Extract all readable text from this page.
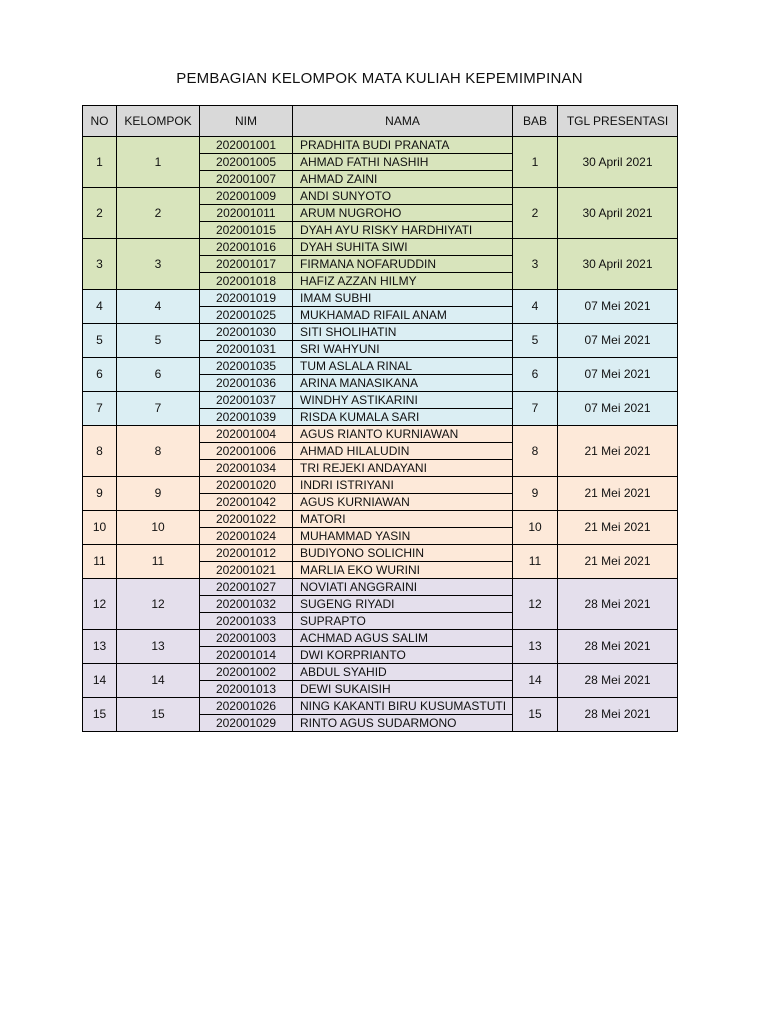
PEMBAGIAN KELOMPOK MATA KULIAH KEPEMIMPINAN
NO	KELOMPOK	NIM	NAMA	BAB	TGL PRESENTASI
1	1	202001001	PRADHITA BUDI PRANATA	1	30 April 2021
		202001005	AHMAD FATHI NASHIH		
		202001007	AHMAD ZAINI		
2	2	202001009	ANDI SUNYOTO	2	30 April 2021
		202001011	ARUM NUGROHO		
		202001015	DYAH AYU RISKY HARDHIYATI		
3	3	202001016	DYAH SUHITA SIWI	3	30 April 2021
		202001017	FIRMANA NOFARUDDIN		
		202001018	HAFIZ AZZAN HILMY		
4	4	202001019	IMAM SUBHI	4	07 Mei 2021
		202001025	MUKHAMAD RIFAIL ANAM		
5	5	202001030	SITI SHOLIHATIN	5	07 Mei 2021
		202001031	SRI WAHYUNI		
6	6	202001035	TUM ASLALA RINAL	6	07 Mei 2021
		202001036	ARINA MANASIKANA		
7	7	202001037	WINDHY ASTIKARINI	7	07 Mei 2021
		202001039	RISDA KUMALA SARI		
8	8	202001004	AGUS RIANTO KURNIAWAN	8	21 Mei 2021
		202001006	AHMAD HILALUDIN		
		202001034	TRI REJEKI ANDAYANI		
9	9	202001020	INDRI ISTRIYANI	9	21 Mei 2021
		202001042	AGUS KURNIAWAN		
10	10	202001022	MATORI	10	21 Mei 2021
		202001024	MUHAMMAD YASIN		
11	11	202001012	BUDIYONO SOLICHIN	11	21 Mei 2021
		202001021	MARLIA EKO WURINI		
12	12	202001027	NOVIATI ANGGRAINI	12	28 Mei 2021
		202001032	SUGENG RIYADI		
		202001033	SUPRAPTO		
13	13	202001003	ACHMAD AGUS SALIM	13	28 Mei 2021
		202001014	DWI KORPRIANTO		
14	14	202001002	ABDUL SYAHID	14	28 Mei 2021
		202001013	DEWI SUKAISIH		
15	15	202001026	NING KAKANTI BIRU KUSUMASTUTI	15	28 Mei 2021
		202001029	RINTO AGUS SUDARMONO		
